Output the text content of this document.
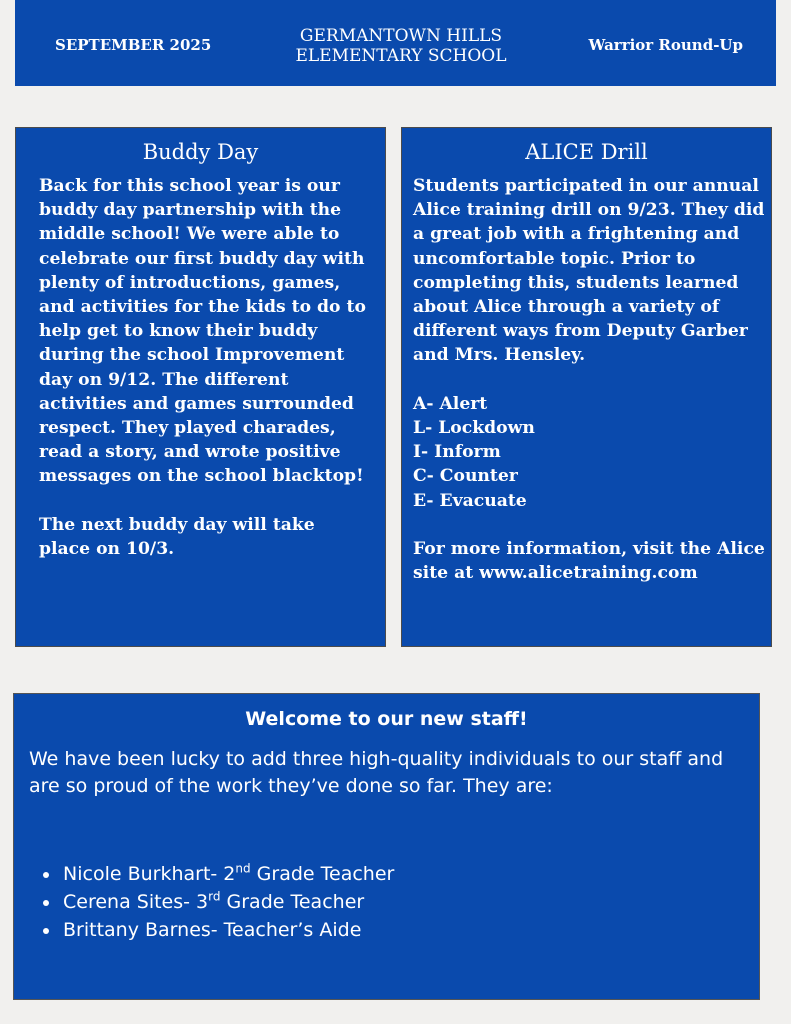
SEPTEMBER 2025	GERMANTOWN HILLS ELEMENTARY SCHOOL
Warrior Round-Up
Buddy Day

Back for this school year is our buddy day partnership with the middle school! We were able to celebrate our first buddy day with plenty of introductions, games, and activities for the kids to do to help get to know their buddy during the school Improvement day on 9/12. The different activities and games surrounded respect. They played charades, read a story, and wrote positive messages on the school blacktop!

The next buddy day will take place on 10/3.

ALICE Drill

Students participated in our annual Alice training drill on 9/23. They did a great job with a frightening and uncomfortable topic. Prior to completing this, students learned about Alice through a variety of different ways from Deputy Garber and Mrs. Hensley.

A- Alert

L- Lockdown

I- Inform

C- Counter

E- Evacuate

For more information, visit the Alice site at www.alicetraining.com

Welcome to our new staff!
We have been lucky to add three high-quality individuals to our staff and are so proud of the work they’ve done so far. They are:
Nicole Burkhart- 2nd Grade Teacher
Cerena Sites- 3rd Grade Teacher
Brittany Barnes- Teacher’s Aide
